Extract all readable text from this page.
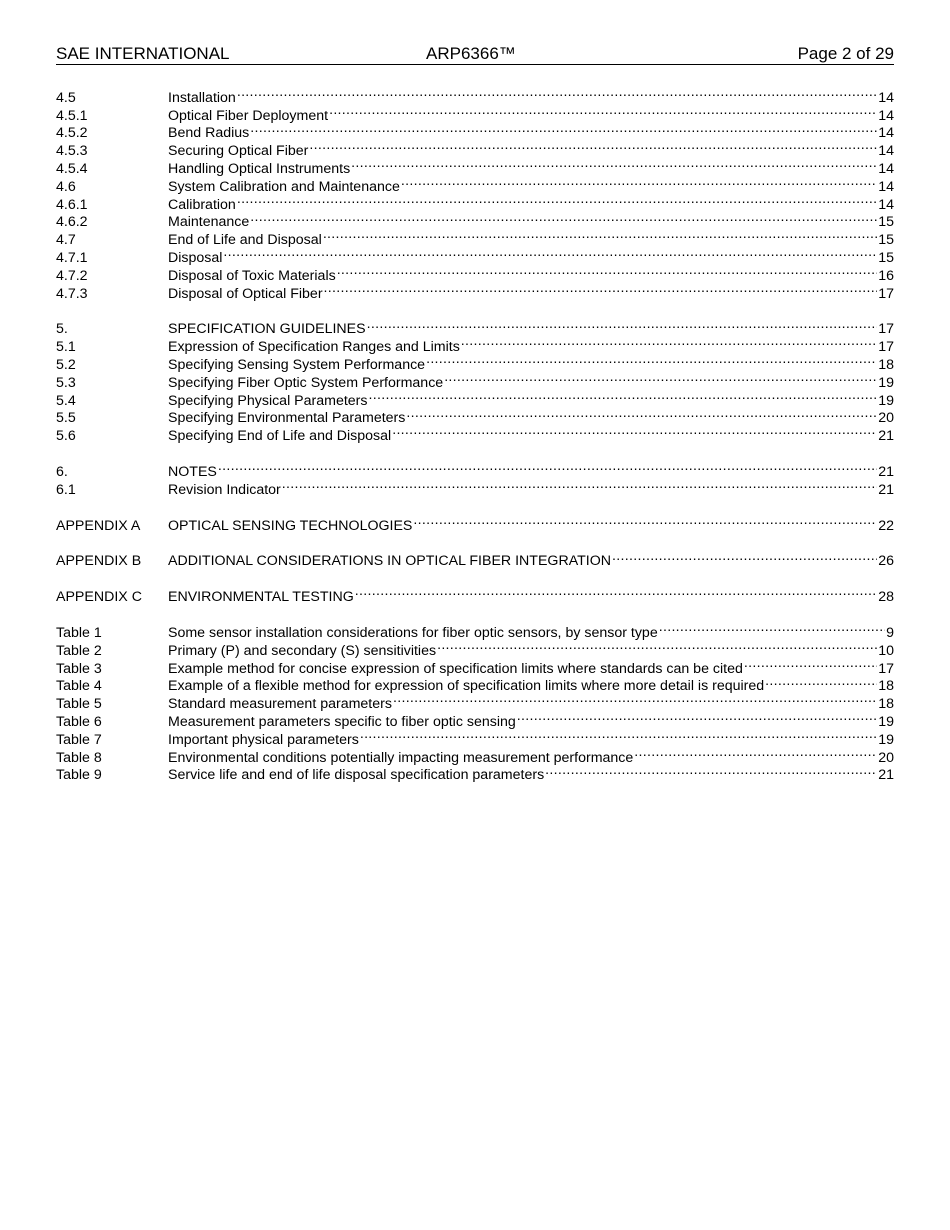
SAE INTERNATIONAL	ARP6366™	Page 2 of 29
4.5	Installation .....	14
4.5.1	Optical Fiber Deployment .....	14
4.5.2	Bend Radius .....	14
4.5.3	Securing Optical Fiber .....	14
4.5.4	Handling Optical Instruments .....	14
4.6	System Calibration and Maintenance .....	14
4.6.1	Calibration .....	14
4.6.2	Maintenance .....	15
4.7	End of Life and Disposal .....	15
4.7.1	Disposal .....	15
4.7.2	Disposal of Toxic Materials .....	16
4.7.3	Disposal of Optical Fiber .....	17
5.	SPECIFICATION GUIDELINES .....	17
5.1	Expression of Specification Ranges and Limits .....	17
5.2	Specifying Sensing System Performance .....	18
5.3	Specifying Fiber Optic System Performance .....	19
5.4	Specifying Physical Parameters .....	19
5.5	Specifying Environmental Parameters .....	20
5.6	Specifying End of Life and Disposal .....	21
6.	NOTES .....	21
6.1	Revision Indicator .....	21
APPENDIX A	OPTICAL SENSING TECHNOLOGIES .....	22
APPENDIX B	ADDITIONAL CONSIDERATIONS IN OPTICAL FIBER INTEGRATION .....	26
APPENDIX C	ENVIRONMENTAL TESTING .....	28
Table 1	Some sensor installation considerations for fiber optic sensors, by sensor type .....	9
Table 2	Primary (P) and secondary (S) sensitivities .....	10
Table 3	Example method for concise expression of specification limits where standards can be cited .....	17
Table 4	Example of a flexible method for expression of specification limits where more detail is required .....	18
Table 5	Standard measurement parameters .....	18
Table 6	Measurement parameters specific to fiber optic sensing .....	19
Table 7	Important physical parameters .....	19
Table 8	Environmental conditions potentially impacting measurement performance .....	20
Table 9	Service life and end of life disposal specification parameters .....	21
